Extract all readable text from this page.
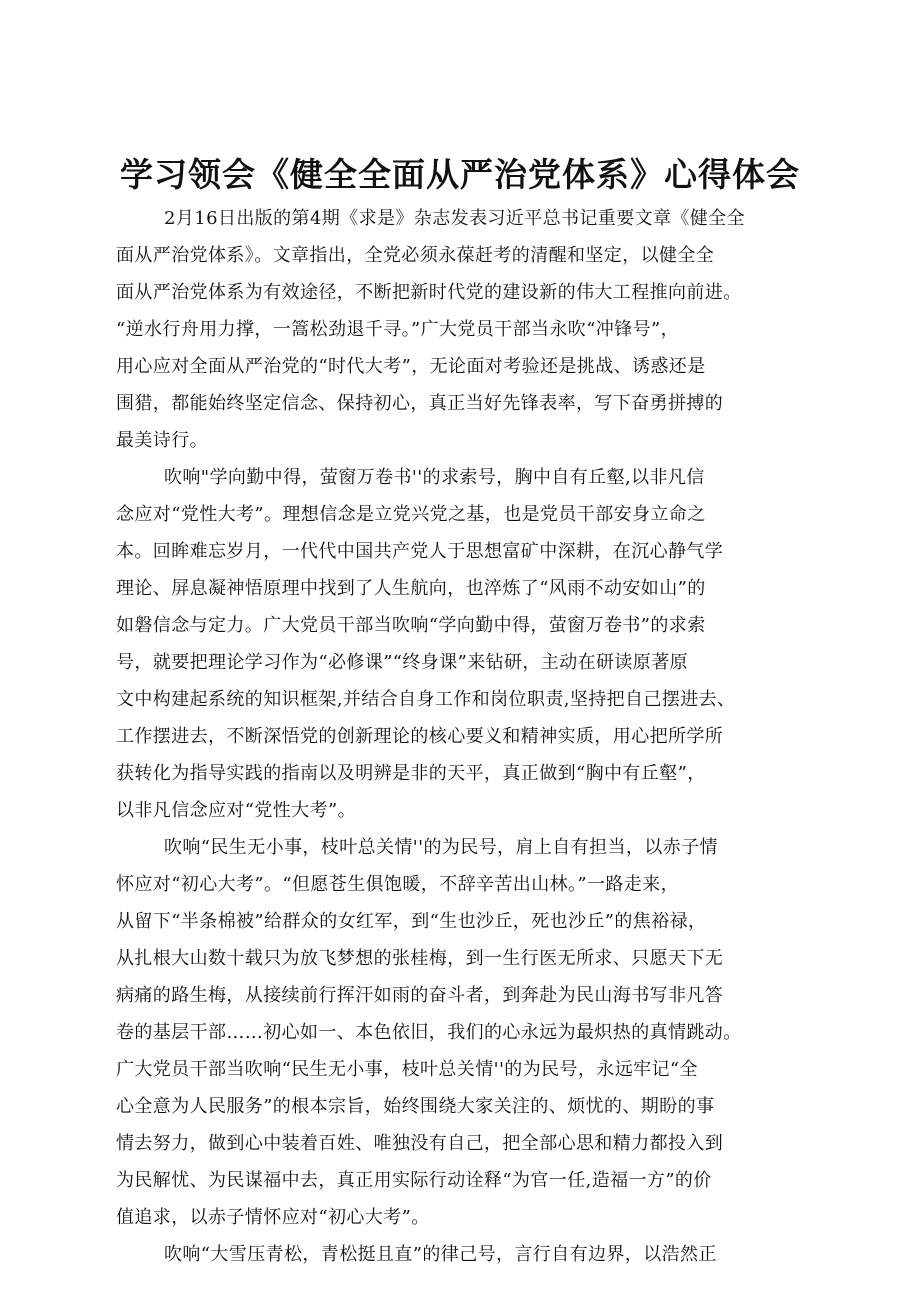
学习领会《健全全面从严治党体系》心得体会

2月16日出版的第4期《求是》杂志发表习近平总书记重要文章《健全全
面从严治党体系》。文章指出，全党必须永葆赶考的清醒和坚定，以健全全
面从严治党体系为有效途径，不断把新时代党的建设新的伟大工程推向前进。
“逆水行舟用力撑，一篙松劲退千寻。”广大党员干部当永吹“冲锋号”，
用心应对全面从严治党的“时代大考”，无论面对考验还是挑战、诱惑还是
围猎，都能始终坚定信念、保持初心，真正当好先锋表率，写下奋勇拼搏的
最美诗行。

吹响"学向勤中得，萤窗万卷书''的求索号，胸中自有丘壑,以非凡信
念应对“党性大考”。理想信念是立党兴党之基，也是党员干部安身立命之
本。回眸难忘岁月，一代代中国共产党人于思想富矿中深耕，在沉心静气学
理论、屏息凝神悟原理中找到了人生航向，也淬炼了“风雨不动安如山”的
如磐信念与定力。广大党员干部当吹响“学向勤中得，萤窗万卷书”的求索
号，就要把理论学习作为“必修课”“终身课”来钻研，主动在研读原著原
文中构建起系统的知识框架,并结合自身工作和岗位职责,坚持把自己摆进去、
工作摆进去，不断深悟党的创新理论的核心要义和精神实质，用心把所学所
获转化为指导实践的指南以及明辨是非的天平，真正做到“胸中有丘壑”，
以非凡信念应对“党性大考”。

吹响“民生无小事，枝叶总关情''的为民号，肩上自有担当，以赤子情
怀应对“初心大考”。“但愿苍生俱饱暖，不辞辛苦出山林。”一路走来，
从留下“半条棉被”给群众的女红军，到“生也沙丘，死也沙丘”的焦裕禄，
从扎根大山数十载只为放飞梦想的张桂梅，到一生行医无所求、只愿天下无
病痛的路生梅，从接续前行挥汗如雨的奋斗者，到奔赴为民山海书写非凡答
卷的基层干部……初心如一、本色依旧，我们的心永远为最炽热的真情跳动。
广大党员干部当吹响“民生无小事，枝叶总关情''的为民号，永远牢记“全
心全意为人民服务”的根本宗旨，始终围绕大家关注的、烦忧的、期盼的事
情去努力，做到心中装着百姓、唯独没有自己，把全部心思和精力都投入到
为民解忧、为民谋福中去，真正用实际行动诠释“为官一任,造福一方”的价
值追求，以赤子情怀应对“初心大考”。

吹响“大雪压青松，青松挺且直”的律己号，言行自有边界，以浩然正
